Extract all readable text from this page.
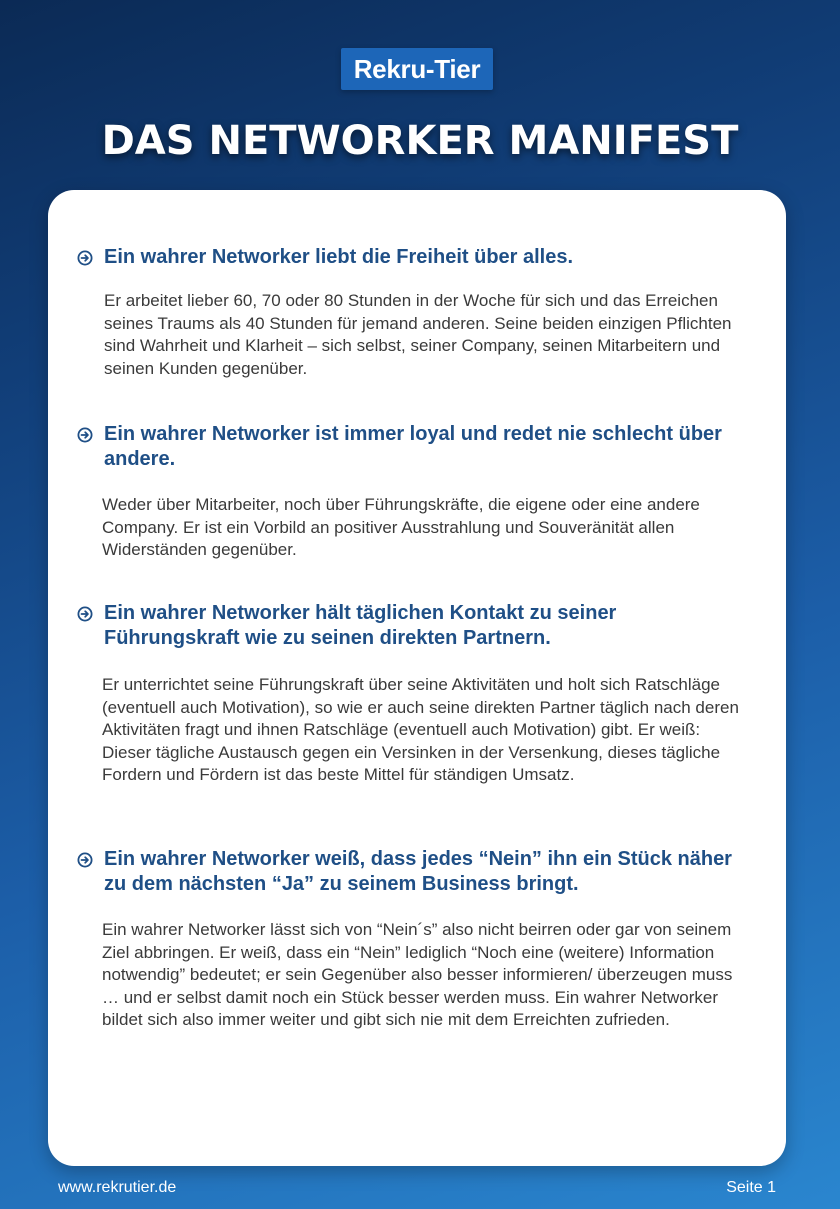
Rekru-Tier
DAS NETWORKER MANIFEST
Ein wahrer Networker liebt die Freiheit über alles.

Er arbeitet lieber 60, 70 oder 80 Stunden in der Woche für sich und das Erreichen seines Traums als 40 Stunden für jemand anderen. Seine beiden einzigen Pflichten sind Wahrheit und Klarheit – sich selbst, seiner Company, seinen Mitarbeitern und seinen Kunden gegenüber.

Ein wahrer Networker ist immer loyal und redet nie schlecht über andere.

Weder über Mitarbeiter, noch über Führungskräfte, die eigene oder eine andere Company. Er ist ein Vorbild an positiver Ausstrahlung und Souveränität allen Widerständen gegenüber.

Ein wahrer Networker hält täglichen Kontakt zu seiner Führungskraft wie zu seinen direkten Partnern.

Er unterrichtet seine Führungskraft über seine Aktivitäten und holt sich Ratschläge (eventuell auch Motivation), so wie er auch seine direkten Partner täglich nach deren Aktivitäten fragt und ihnen Ratschläge (eventuell auch Motivation) gibt. Er weiß: Dieser tägliche Austausch gegen ein Versinken in der Versenkung, dieses tägliche Fordern und Fördern ist das beste Mittel für ständigen Umsatz.

Ein wahrer Networker weiß, dass jedes “Nein” ihn ein Stück näher zu dem nächsten “Ja” zu seinem Business bringt.

Ein wahrer Networker lässt sich von “Nein´s” also nicht beirren oder gar von seinem Ziel abbringen. Er weiß, dass ein “Nein” lediglich “Noch eine (weitere) Information notwendig” bedeutet; er sein Gegenüber also besser informieren/ überzeugen muss … und er selbst damit noch ein Stück besser werden muss. Ein wahrer Networker bildet sich also immer weiter und gibt sich nie mit dem Erreichten zufrieden.

www.rekrutier.de	Seite 1
